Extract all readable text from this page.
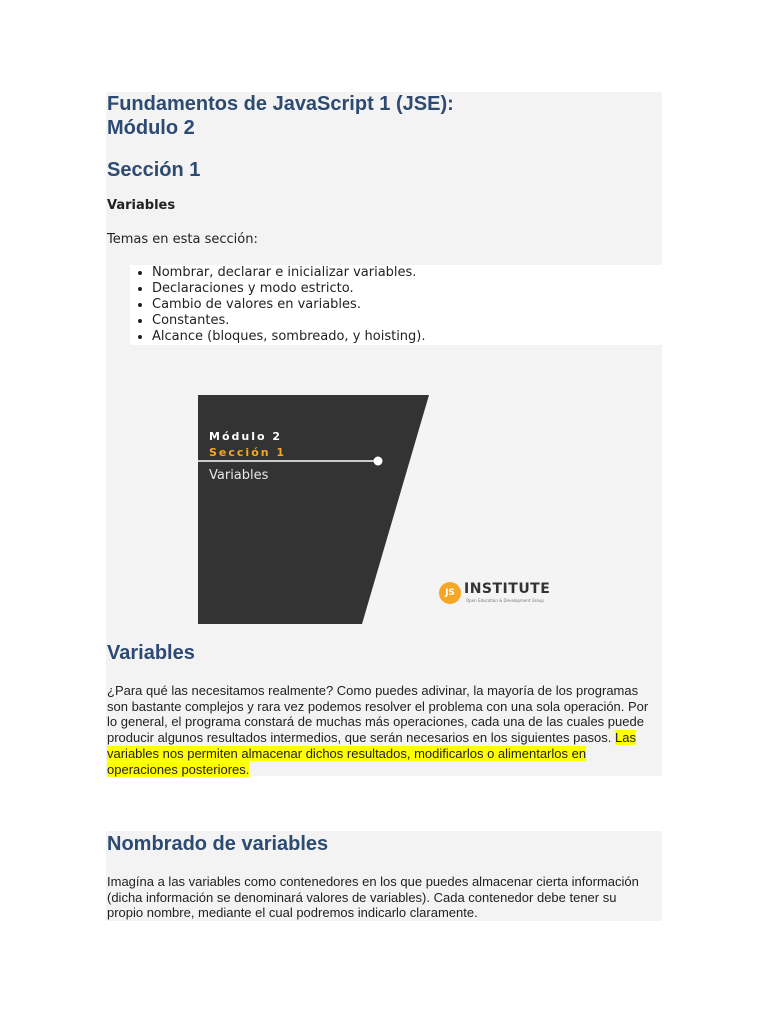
Fundamentos de JavaScript 1 (JSE):
Módulo 2
Sección 1

Variables

Temas en esta sección:

• Nombrar, declarar e inicializar variables.
• Declaraciones y modo estricto.
• Cambio de valores en variables.
• Constantes.
• Alcance (bloques, sombreado, y hoisting).
Módulo 2
Sección 1
Variables
JS INSTITUTE
Open Education & Development Group
Variables

¿Para qué las necesitamos realmente? Como puedes adivinar, la mayoría de los programas son bastante complejos y rara vez podemos resolver el problema con una sola operación. Por lo general, el programa constará de muchas más operaciones, cada una de las cuales puede producir algunos resultados intermedios, que serán necesarios en los siguientes pasos. Las variables nos permiten almacenar dichos resultados, modificarlos o alimentarlos en operaciones posteriores.

Nombrado de variables

Imagína a las variables como contenedores en los que puedes almacenar cierta información (dicha información se denominará valores de variables). Cada contenedor debe tener su propio nombre, mediante el cual podremos indicarlo claramente.
